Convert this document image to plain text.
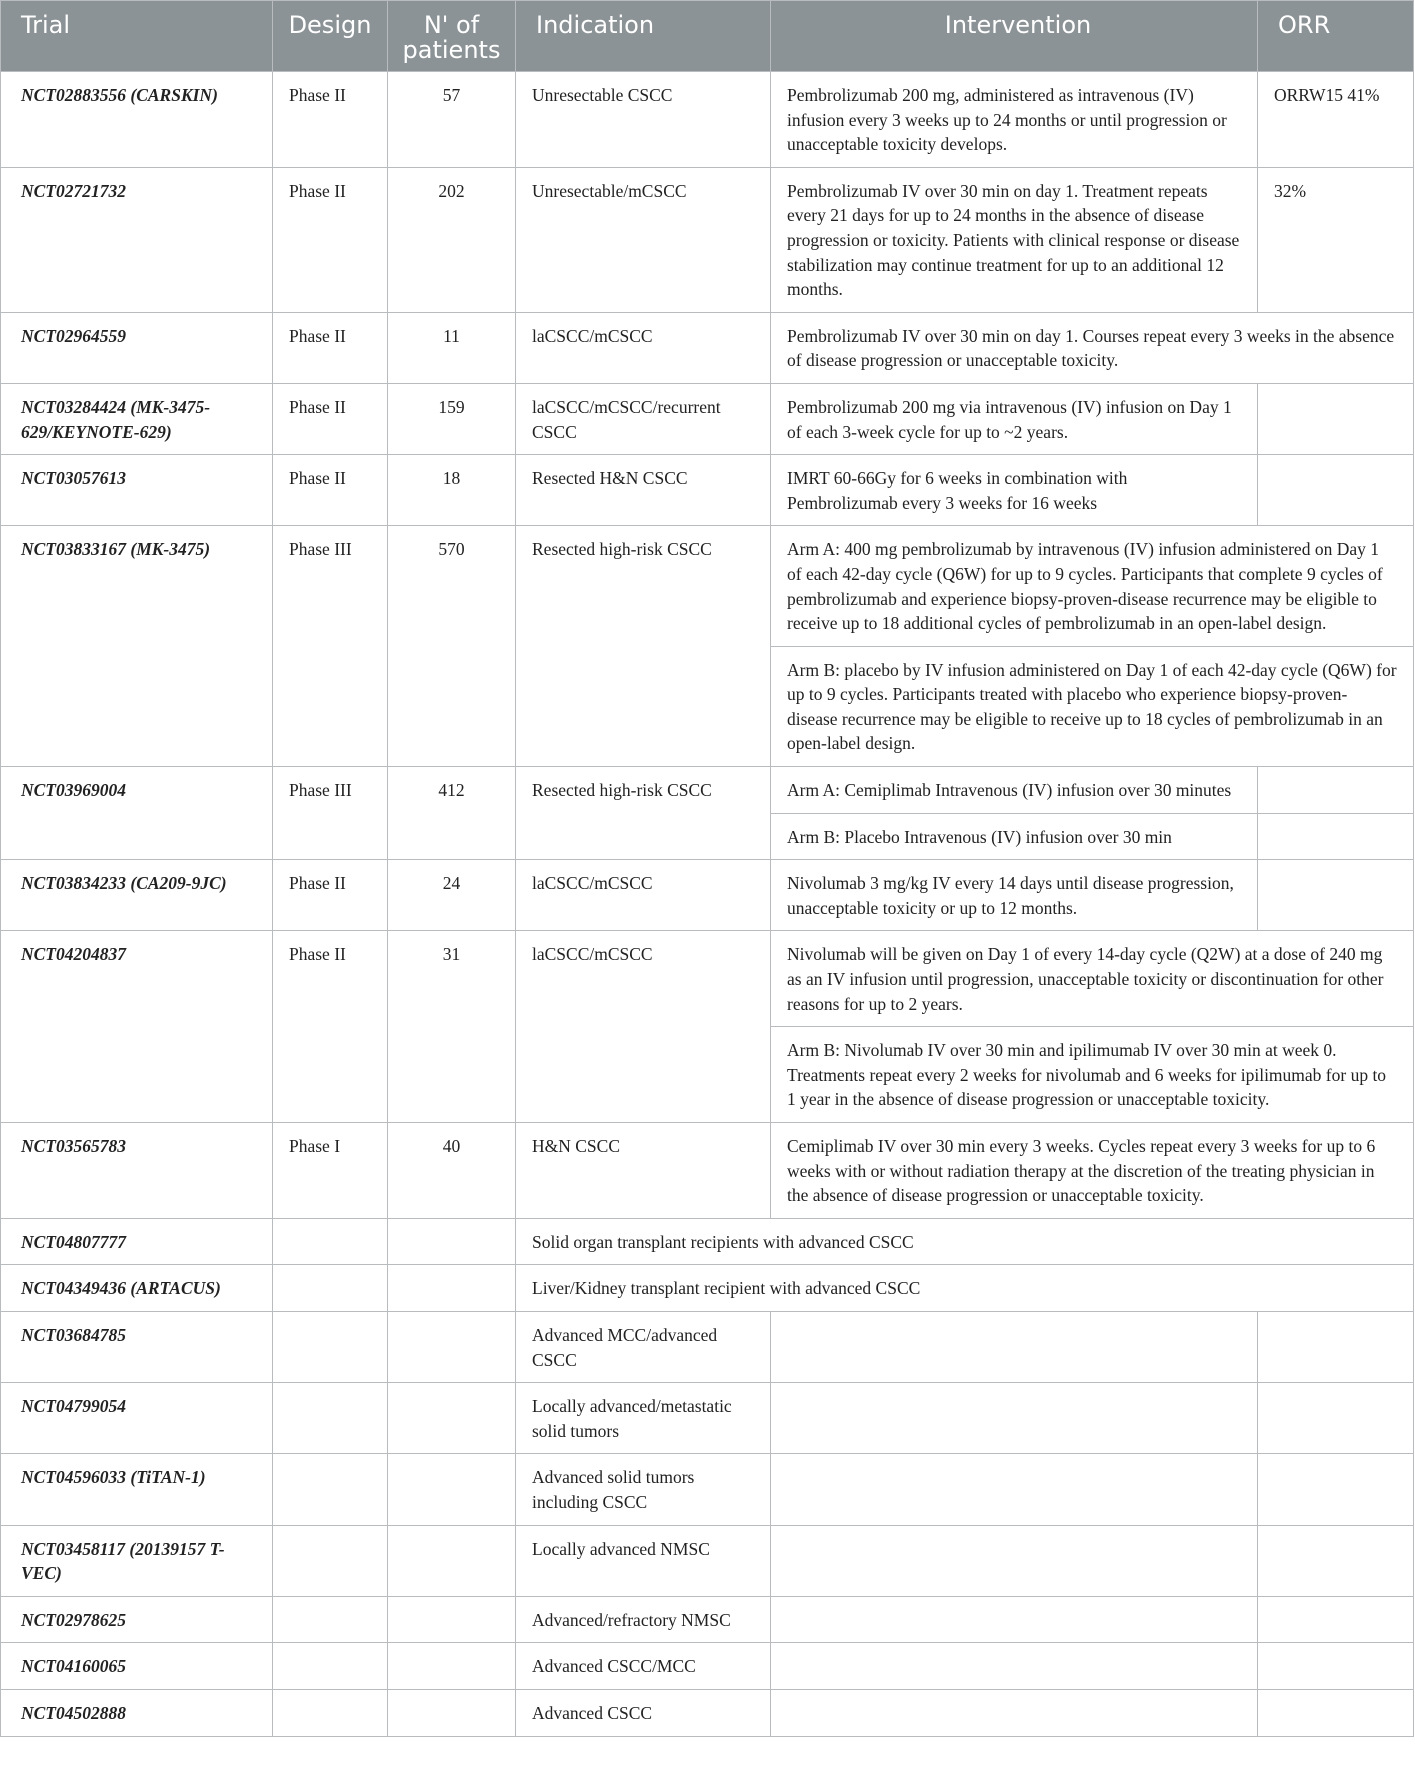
Trial	Design	N' of patients	Indication	Intervention	ORR
NCT02883556 (CARSKIN)	Phase II	57	Unresectable CSCC	Pembrolizumab 200 mg, administered as intravenous (IV) infusion every 3 weeks up to 24 months or until progression or unacceptable toxicity develops.	ORRW15 41%
NCT02721732	Phase II	202	Unresectable/mCSCC	Pembrolizumab IV over 30 min on day 1. Treatment repeats every 21 days for up to 24 months in the absence of disease progression or toxicity. Patients with clinical response or disease stabilization may continue treatment for up to an additional 12 months.	32%
NCT02964559	Phase II	11	laCSCC/mCSCC	Pembrolizumab IV over 30 min on day 1. Courses repeat every 3 weeks in the absence of disease progression or unacceptable toxicity.	
NCT03284424 (MK-3475-629/KEYNOTE-629)	Phase II	159	laCSCC/mCSCC/recurrent CSCC	Pembrolizumab 200 mg via intravenous (IV) infusion on Day 1 of each 3-week cycle for up to ~2 years.	
NCT03057613	Phase II	18	Resected H&N CSCC	IMRT 60-66Gy for 6 weeks in combination with Pembrolizumab every 3 weeks for 16 weeks	
NCT03833167 (MK-3475)	Phase III	570	Resected high-risk CSCC	Arm A: 400 mg pembrolizumab by intravenous (IV) infusion administered on Day 1 of each 42-day cycle (Q6W) for up to 9 cycles. Participants that complete 9 cycles of pembrolizumab and experience biopsy-proven-disease recurrence may be eligible to receive up to 18 additional cycles of pembrolizumab in an open-label design.	
				Arm B: placebo by IV infusion administered on Day 1 of each 42-day cycle (Q6W) for up to 9 cycles. Participants treated with placebo who experience biopsy-proven-disease recurrence may be eligible to receive up to 18 cycles of pembrolizumab in an open-label design.	
NCT03969004	Phase III	412	Resected high-risk CSCC	Arm A: Cemiplimab Intravenous (IV) infusion over 30 minutes	
				Arm B: Placebo Intravenous (IV) infusion over 30 min	
NCT03834233 (CA209-9JC)	Phase II	24	laCSCC/mCSCC	Nivolumab 3 mg/kg IV every 14 days until disease progression, unacceptable toxicity or up to 12 months.	
NCT04204837	Phase II	31	laCSCC/mCSCC	Nivolumab will be given on Day 1 of every 14-day cycle (Q2W) at a dose of 240 mg as an IV infusion until progression, unacceptable toxicity or discontinuation for other reasons for up to 2 years.	
				Arm B: Nivolumab IV over 30 min and ipilimumab IV over 30 min at week 0. Treatments repeat every 2 weeks for nivolumab and 6 weeks for ipilimumab for up to 1 year in the absence of disease progression or unacceptable toxicity.	
NCT03565783	Phase I	40	H&N CSCC	Cemiplimab IV over 30 min every 3 weeks. Cycles repeat every 3 weeks for up to 6 weeks with or without radiation therapy at the discretion of the treating physician in the absence of disease progression or unacceptable toxicity.	
NCT04807777			Solid organ transplant recipients with advanced CSCC		
NCT04349436 (ARTACUS)			Liver/Kidney transplant recipient with advanced CSCC		
NCT03684785			Advanced MCC/advanced CSCC		
NCT04799054			Locally advanced/metastatic solid tumors		
NCT04596033 (TiTAN-1)			Advanced solid tumors including CSCC		
NCT03458117 (20139157 T-VEC)			Locally advanced NMSC		
NCT02978625			Advanced/refractory NMSC		
NCT04160065			Advanced CSCC/MCC		
NCT04502888			Advanced CSCC		
